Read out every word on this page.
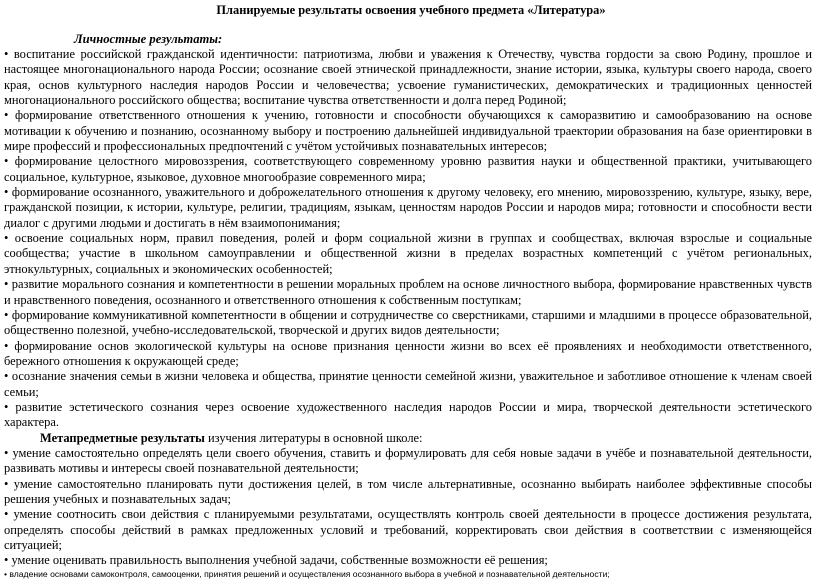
Планируемые результаты освоения учебного предмета «Литература»
Личностные результаты:

• воспитание российской гражданской идентичности: патриотизма, любви и уважения к Отечеству, чувства гордости за свою Родину, прошлое и настоящее многонационального народа России; осознание своей этнической принадлежности, знание истории, языка, культуры своего народа, своего края, основ культурного наследия народов России и человечества; усвоение гуманистических, демократических и традиционных ценностей многонационального российского общества; воспитание чувства ответственности и долга перед Родиной;

• формирование ответственного отношения к учению, готовности и способности обучающихся к саморазвитию и самообразованию на основе мотивации к обучению и познанию, осознанному выбору и построению дальнейшей индивидуальной траектории образования на базе ориентировки в мире профессий и профессиональных предпочтений с учётом устойчивых познавательных интересов;

• формирование целостного мировоззрения, соответствующего современному уровню развития науки и общественной практики, учитывающего социальное, культурное, языковое, духовное многообразие современного мира;

• формирование осознанного, уважительного и доброжелательного отношения к другому человеку, его мнению, мировоззрению, культуре, языку, вере, гражданской позиции, к истории, культуре, религии, традициям, языкам, ценностям народов России и народов мира; готовности и способности вести диалог с другими людьми и достигать в нём взаимопонимания;

• освоение социальных норм, правил поведения, ролей и форм социальной жизни в группах и сообществах, включая взрослые и социальные сообщества; участие в школьном самоуправлении и общественной жизни в пределах возрастных компетенций с учётом региональных, этнокультурных, социальных и экономических особенностей;

• развитие морального сознания и компетентности в решении моральных проблем на основе личностного выбора, формирование нравственных чувств и нравственного поведения, осознанного и ответственного отношения к собственным поступкам;

• формирование коммуникативной компетентности в общении и сотрудничестве со сверстниками, старшими и младшими в процессе образовательной, общественно полезной, учебно-исследовательской, творческой и других видов деятельности;

• формирование основ экологической культуры на основе признания ценности жизни во всех её проявлениях и необходимости ответственного, бережного отношения к окружающей среде;

• осознание значения семьи в жизни человека и общества, принятие ценности семейной жизни, уважительное и заботливое отношение к членам своей семьи;

• развитие эстетического сознания через освоение художественного наследия народов России и мира, творческой деятельности эстетического характера.

Метапредметные результаты изучения литературы в основной школе:

• умение самостоятельно определять цели своего обучения, ставить и формулировать для себя новые задачи в учёбе и познавательной деятельности, развивать мотивы и интересы своей познавательной деятельности;

• умение самостоятельно планировать пути достижения целей, в том числе альтернативные, осознанно выбирать наиболее эффективные способы решения учебных и познавательных задач;

• умение соотносить свои действия с планируемыми результатами, осуществлять контроль своей деятельности в процессе достижения результата, определять способы действий в рамках предложенных условий и требований, корректировать свои действия в соответствии с изменяющейся ситуацией;

• умение оценивать правильность выполнения учебной задачи, собственные возможности её решения;

• владение основами самоконтроля, самооценки, принятия решений и осуществления осознанного выбора в учебной и познавательной деятельности;
